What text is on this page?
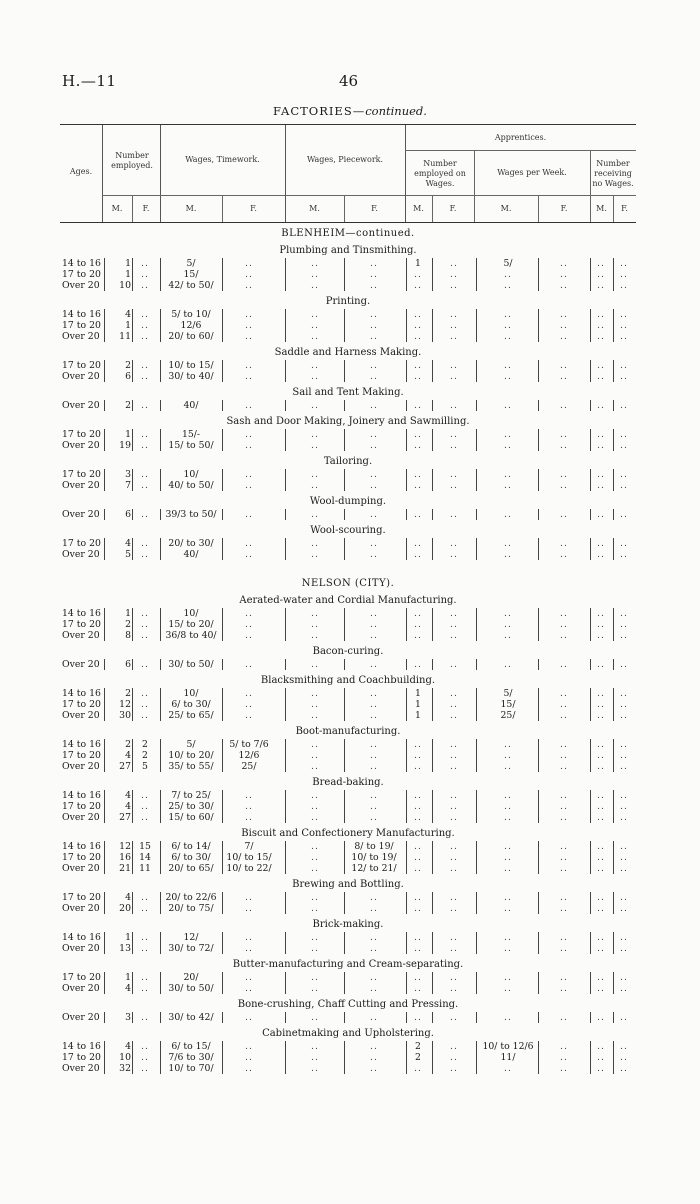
H.—11	46
FACTORIES—continued.
Ages.
Number employed.
Wages, Timework.	Wages, Piecework.
Apprentices.
Number employed on Wages.
Wages per Week.
Number receiving no Wages.
M.	F.	M.	F.	M.	F.	M.	F.	M.	F.	M.	F.
BLENHEIM—continued.
Plumbing and Tinsmithing.
14 to 16	1	..	5/	..	..	..	1	..	5/	..	..	..
17 to 20	1	..	15/	..	..	..	..	..	..	..	..	..
Over 20	10	..	42/ to 50/	..	..	..	..	..	..	..	..	..
Printing.
14 to 16	4	..	5/ to 10/	..	..	..	..	..	..	..	..	..
17 to 20	1	..	12/6	..	..	..	..	..	..	..	..	..
Over 20	11	..	20/ to 60/	..	..	..	..	..	..	..	..	..
Saddle and Harness Making.
17 to 20	2	..	10/ to 15/	..	..	..	..	..	..	..	..	..
Over 20	6	..	30/ to 40/	..	..	..	..	..	..	..	..	..
Sail and Tent Making.
Over 20	2	..	40/	..	..	..	..	..	..	..	..	..
Sash and Door Making, Joinery and Sawmilling.
17 to 20	1	..	15/-	..	..	..	..	..	..	..	..	..
Over 20	19	..	15/ to 50/	..	..	..	..	..	..	..	..	..
Tailoring.
17 to 20	3	..	10/	..	..	..	..	..	..	..	..	..
Over 20	7	..	40/ to 50/	..	..	..	..	..	..	..	..	..
Wool-dumping.
Over 20	6	..	39/3 to 50/	..	..	..	..	..	..	..	..	..
Wool-scouring.
17 to 20	4	..	20/ to 30/	..	..	..	..	..	..	..	..	..
Over 20	5	..	40/	..	..	..	..	..	..	..	..	..
NELSON (CITY).
Aerated-water and Cordial Manufacturing.
14 to 16	1	..	10/	..	..	..	..	..	..	..	..	..
17 to 20	2	..	15/ to 20/	..	..	..	..	..	..	..	..	..
Over 20	8	..	36/8 to 40/	..	..	..	..	..	..	..	..	..
Bacon-curing.
Over 20	6	..	30/ to 50/	..	..	..	..	..	..	..	..	..
Blacksmithing and Coachbuilding.
14 to 16	2	..	10/	..	..	..	1	..	5/	..	..	..
17 to 20	12	..	6/ to 30/	..	..	..	1	..	15/	..	..	..
Over 20	30	..	25/ to 65/	..	..	..	1	..	25/	..	..	..
Boot-manufacturing.
14 to 16	2	2	5/	5/ to 7/6	..	..	..	..	..	..	..	..
17 to 20	4	2	10/ to 20/	12/6	..	..	..	..	..	..	..	..
Over 20	27	5	35/ to 55/	25/	..	..	..	..	..	..	..	..
Bread-baking.
14 to 16	4	..	7/ to 25/	..	..	..	..	..	..	..	..	..
17 to 20	4	..	25/ to 30/	..	..	..	..	..	..	..	..	..
Over 20	27	..	15/ to 60/	..	..	..	..	..	..	..	..	..
Biscuit and Confectionery Manufacturing.
14 to 16	12 15	6/ to 14/	7/	..	8/ to 19/	..	..	..	..	..	..
17 to 20	16 14	6/ to 30/	10/ to 15/	..	10/ to 19/	..	..	..	..	..	..
Over 20	21 11	20/ to 65/	10/ to 22/	..	12/ to 21/	..	..	..	..	..	..
Brewing and Bottling.
17 to 20	4	..	20/ to 22/6	..	..	..	..	..	..	..	..	..
Over 20	20	..	20/ to 75/	..	..	..	..	..	..	..	..	..
Brick-making.
14 to 16	1	..	12/	..	..	..	..	..	..	..	..	..
Over 20	13	..	30/ to 72/	..	..	..	..	..	..	..	..	..
Butter-manufacturing and Cream-separating.
17 to 20	1	..	20/	..	..	..	..	..	..	..	..	..
Over 20	4	..	30/ to 50/	..	..	..	..	..	..	..	..	..
Bone-crushing, Chaff Cutting and Pressing.
Over 20	3	..	30/ to 42/	..	..	..	..	..	..	..	..	..
Cabinetmaking and Upholstering.
14 to 16	4	..	6/ to 15/	..	..	..	2	..	10/ to 12/6	..	..	..
17 to 20	10	..	7/6 to 30/	..	..	..	2	..	11/	..	..	..
Over 20	32	..	10/ to 70/	..	..	..	..	..	..	..	..	..
